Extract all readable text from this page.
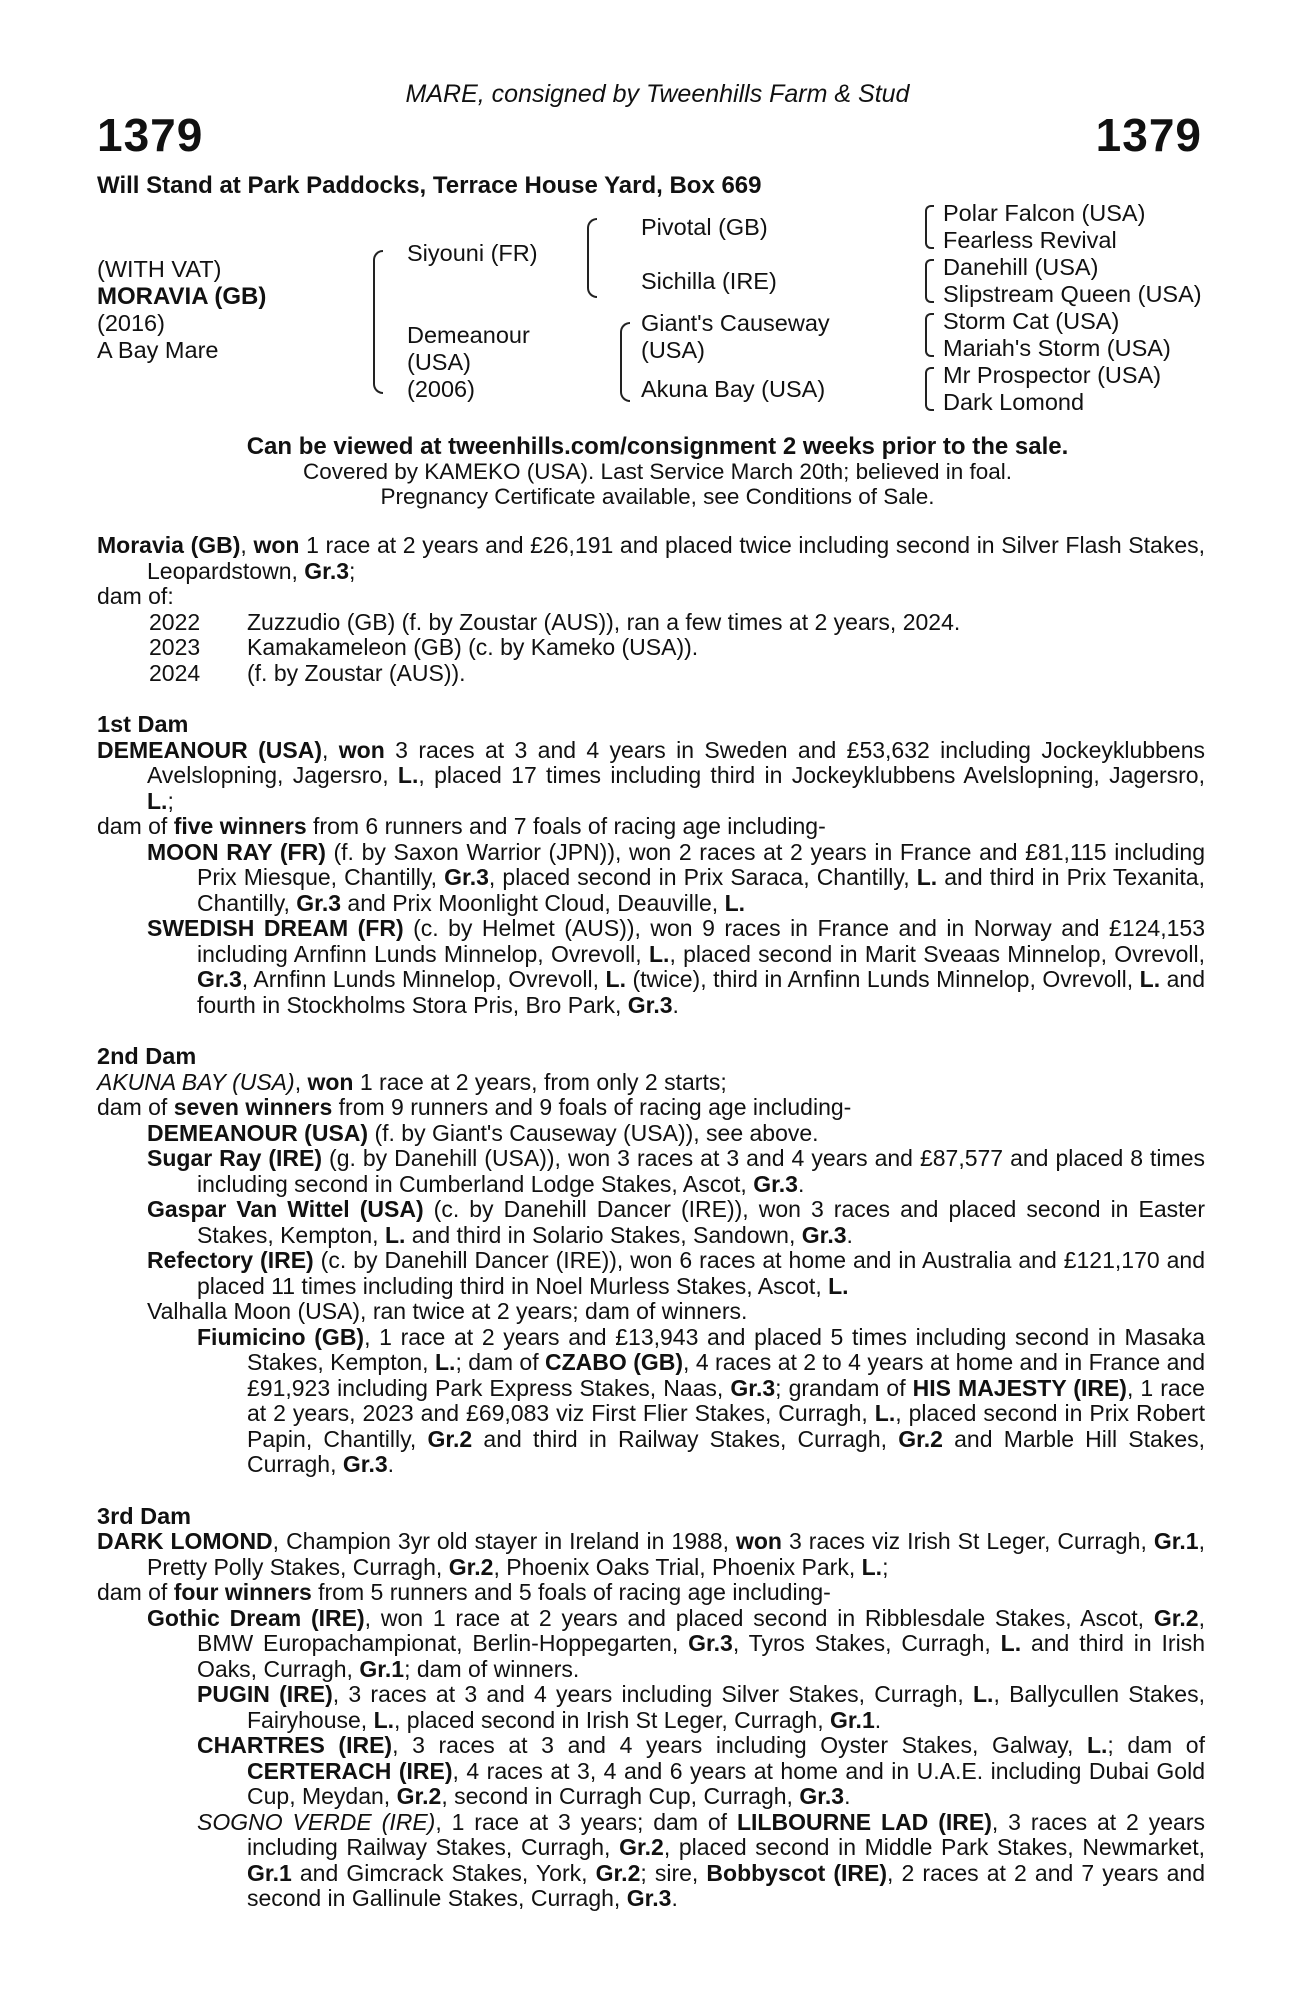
MARE, consigned by Tweenhills Farm & Stud
1379	1379
Will Stand at Park Paddocks, Terrace House Yard, Box 669
(WITH VAT)
MORAVIA (GB)
(2016)
A Bay Mare
Siyouni (FR)
Demeanour
(USA)
(2006)
Pivotal (GB)
Sichilla (IRE)
Giant's Causeway
(USA)
Akuna Bay (USA)
Polar Falcon (USA)
Fearless Revival
Danehill (USA)
Slipstream Queen (USA)
Storm Cat (USA)
Mariah's Storm (USA)
Mr Prospector (USA)
Dark Lomond
Can be viewed at tweenhills.com/consignment 2 weeks prior to the sale.
Covered by KAMEKO (USA). Last Service March 20th; believed in foal.
Pregnancy Certificate available, see Conditions of Sale.

Moravia (GB), won 1 race at 2 years and £26,191 and placed twice including second in Silver Flash Stakes, Leopardstown, Gr.3;

dam of:

2022	Zuzzudio (GB) (f. by Zoustar (AUS)), ran a few times at 2 years, 2024.
2023	Kamakameleon (GB) (c. by Kameko (USA)).
2024	(f. by Zoustar (AUS)).

1st Dam

DEMEANOUR (USA), won 3 races at 3 and 4 years in Sweden and £53,632 including Jockeyklubbens Avelslopning, Jagersro, L., placed 17 times including third in Jockeyklubbens Avelslopning, Jagersro, L.;

dam of five winners from 6 runners and 7 foals of racing age including-

MOON RAY (FR) (f. by Saxon Warrior (JPN)), won 2 races at 2 years in France and £81,115 including Prix Miesque, Chantilly, Gr.3, placed second in Prix Saraca, Chantilly, L. and third in Prix Texanita, Chantilly, Gr.3 and Prix Moonlight Cloud, Deauville, L.

SWEDISH DREAM (FR) (c. by Helmet (AUS)), won 9 races in France and in Norway and £124,153 including Arnfinn Lunds Minnelop, Ovrevoll, L., placed second in Marit Sveaas Minnelop, Ovrevoll, Gr.3, Arnfinn Lunds Minnelop, Ovrevoll, L. (twice), third in Arnfinn Lunds Minnelop, Ovrevoll, L. and fourth in Stockholms Stora Pris, Bro Park, Gr.3.

2nd Dam

AKUNA BAY (USA), won 1 race at 2 years, from only 2 starts;

dam of seven winners from 9 runners and 9 foals of racing age including-

DEMEANOUR (USA) (f. by Giant's Causeway (USA)), see above.

Sugar Ray (IRE) (g. by Danehill (USA)), won 3 races at 3 and 4 years and £87,577 and placed 8 times including second in Cumberland Lodge Stakes, Ascot, Gr.3.

Gaspar Van Wittel (USA) (c. by Danehill Dancer (IRE)), won 3 races and placed second in Easter Stakes, Kempton, L. and third in Solario Stakes, Sandown, Gr.3.

Refectory (IRE) (c. by Danehill Dancer (IRE)), won 6 races at home and in Australia and £121,170 and placed 11 times including third in Noel Murless Stakes, Ascot, L.

Valhalla Moon (USA), ran twice at 2 years; dam of winners.

Fiumicino (GB), 1 race at 2 years and £13,943 and placed 5 times including second in Masaka Stakes, Kempton, L.; dam of CZABO (GB), 4 races at 2 to 4 years at home and in France and £91,923 including Park Express Stakes, Naas, Gr.3; grandam of HIS MAJESTY (IRE), 1 race at 2 years, 2023 and £69,083 viz First Flier Stakes, Curragh, L., placed second in Prix Robert Papin, Chantilly, Gr.2 and third in Railway Stakes, Curragh, Gr.2 and Marble Hill Stakes, Curragh, Gr.3.

3rd Dam

DARK LOMOND, Champion 3yr old stayer in Ireland in 1988, won 3 races viz Irish St Leger, Curragh, Gr.1, Pretty Polly Stakes, Curragh, Gr.2, Phoenix Oaks Trial, Phoenix Park, L.;

dam of four winners from 5 runners and 5 foals of racing age including-

Gothic Dream (IRE), won 1 race at 2 years and placed second in Ribblesdale Stakes, Ascot, Gr.2, BMW Europachampionat, Berlin-Hoppegarten, Gr.3, Tyros Stakes, Curragh, L. and third in Irish Oaks, Curragh, Gr.1; dam of winners.

PUGIN (IRE), 3 races at 3 and 4 years including Silver Stakes, Curragh, L., Ballycullen Stakes, Fairyhouse, L., placed second in Irish St Leger, Curragh, Gr.1.

CHARTRES (IRE), 3 races at 3 and 4 years including Oyster Stakes, Galway, L.; dam of CERTERACH (IRE), 4 races at 3, 4 and 6 years at home and in U.A.E. including Dubai Gold Cup, Meydan, Gr.2, second in Curragh Cup, Curragh, Gr.3.

SOGNO VERDE (IRE), 1 race at 3 years; dam of LILBOURNE LAD (IRE), 3 races at 2 years including Railway Stakes, Curragh, Gr.2, placed second in Middle Park Stakes, Newmarket, Gr.1 and Gimcrack Stakes, York, Gr.2; sire, Bobbyscot (IRE), 2 races at 2 and 7 years and second in Gallinule Stakes, Curragh, Gr.3.
